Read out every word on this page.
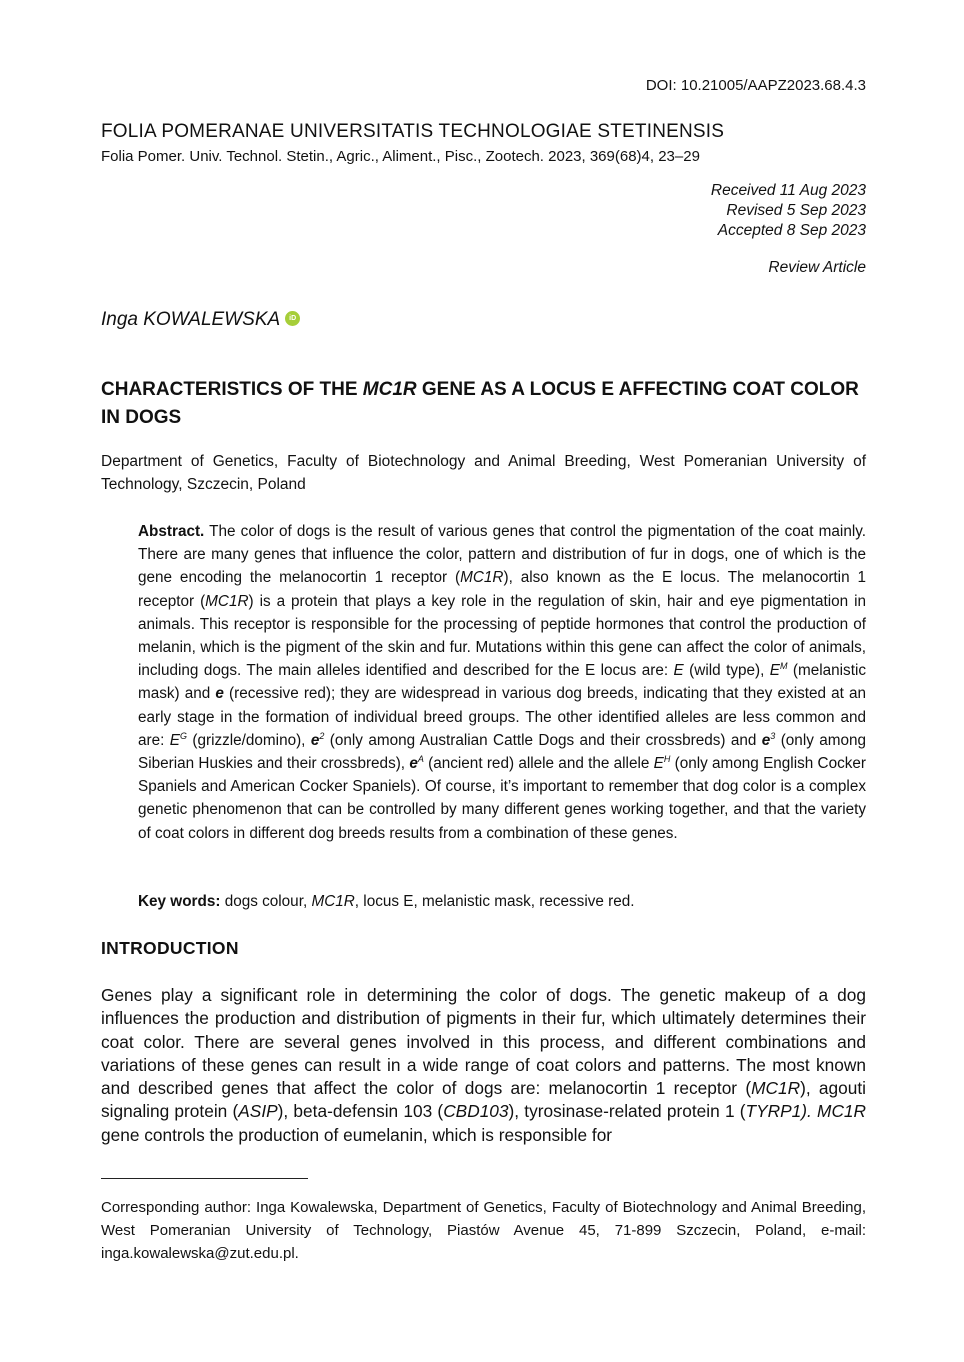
DOI: 10.21005/AAPZ2023.68.4.3
FOLIA POMERANAE UNIVERSITATIS TECHNOLOGIAE STETINENSIS
Folia Pomer. Univ. Technol. Stetin., Agric., Aliment., Pisc., Zootech. 2023, 369(68)4, 23–29
Received 11 Aug 2023
Revised 5 Sep 2023
Accepted 8 Sep 2023
Review Article
Inga KOWALEWSKA	iD
CHARACTERISTICS OF THE MC1R GENE AS A LOCUS E AFFECTING COAT COLOR IN DOGS
Department of Genetics, Faculty of Biotechnology and Animal Breeding, West Pomeranian University of Technology, Szczecin, Poland
Abstract. The color of dogs is the result of various genes that control the pigmentation of the coat mainly. There are many genes that influence the color, pattern and distribution of fur in dogs, one of which is the gene encoding the melanocortin 1 receptor (MC1R), also known as the E locus. The melanocortin 1 receptor (MC1R) is a protein that plays a key role in the regulation of skin, hair and eye pigmentation in animals. This receptor is responsible for the processing of peptide hormones that control the production of melanin, which is the pigment of the skin and fur. Mutations within this gene can affect the color of animals, including dogs. The main alleles identified and described for the E locus are: E (wild type), $E^M$ (melanistic mask) and e (recessive red); they are widespread in various dog breeds, indicating that they existed at an early stage in the formation of individual breed groups. The other identified alleles are less common and are: $E^G$ (grizzle/domino), $e^2$ (only among Australian Cattle Dogs and their crossbreds) and $e^3$ (only among Siberian Huskies and their crossbreds), $e^A$ (ancient red) allele and the allele $E^H$ (only among English Cocker Spaniels and American Cocker Spaniels). Of course, it’s important to remember that dog color is a complex genetic phenomenon that can be controlled by many different genes working together, and that the variety of coat colors in different dog breeds results from a combination of these genes.
Key words: dogs colour, MC1R, locus E, melanistic mask, recessive red.
INTRODUCTION
Genes play a significant role in determining the color of dogs. The genetic makeup of a dog influences the production and distribution of pigments in their fur, which ultimately determines their coat color. There are several genes involved in this process, and different combinations and variations of these genes can result in a wide range of coat colors and patterns. The most known and described genes that affect the color of dogs are: melanocortin 1 receptor (MC1R), agouti signaling protein (ASIP), beta-defensin 103 (CBD103), tyrosinase-related protein 1 (TYRP1). MC1R gene controls the production of eumelanin, which is responsible for
Corresponding author: Inga Kowalewska, Department of Genetics, Faculty of Biotechnology and Animal Breeding, West Pomeranian University of Technology, Piastów Avenue 45, 71-899 Szczecin, Poland, e-mail: inga.kowalewska@zut.edu.pl.
